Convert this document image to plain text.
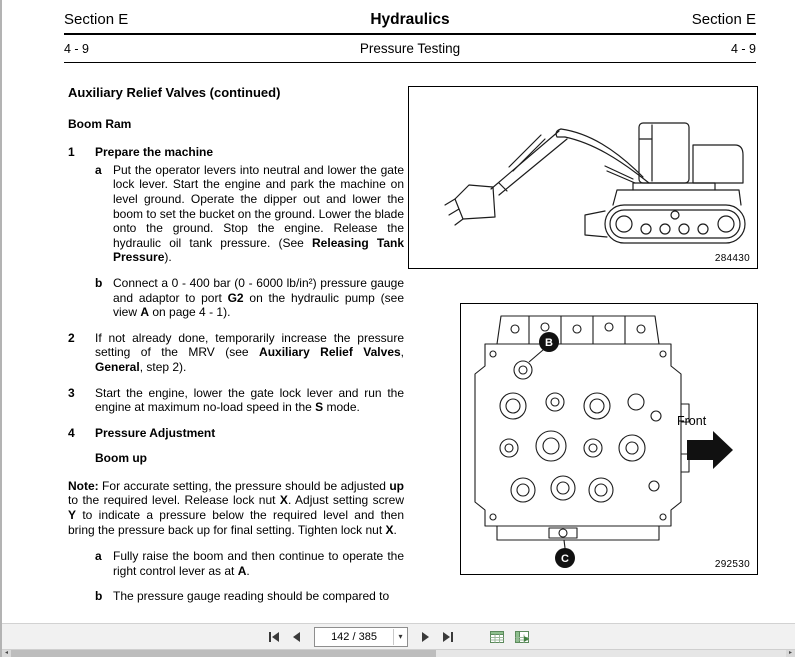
Section E	Hydraulics	Section E
4 - 9	Pressure Testing	4 - 9
Auxiliary Relief Valves (continued)
Boom Ram
1	Prepare the machine
a Put the operator levers into neutral and lower the gate lock lever. Start the engine and park the machine on level ground. Operate the dipper out and lower the boom to set the bucket on the ground. Lower the blade onto the ground. Stop the engine. Release the hydraulic oil tank pressure. (See Releasing Tank Pressure).
b Connect a 0 - 400 bar (0 - 6000 lb/in²) pressure gauge and adaptor to port G2 on the hydraulic pump (see view A on page 4 - 1).
2	If not already done, temporarily increase the pressure setting of the MRV (see Auxiliary Relief Valves, General, step 2).
3	Start the engine, lower the gate lock lever and run the engine at maximum no-load speed in the S mode.
4	Pressure Adjustment
Boom up
Note: For accurate setting, the pressure should be adjusted up to the required level. Release lock nut X. Adjust setting screw Y to indicate a pressure below the required level and then bring the pressure back up for final setting. Tighten lock nut X.
a Fully raise the boom and then continue to operate the right control lever as at A.
b The pressure gauge reading should be compared to
284430
B
C
Front
292530
142 / 385	▾
◂	▸
